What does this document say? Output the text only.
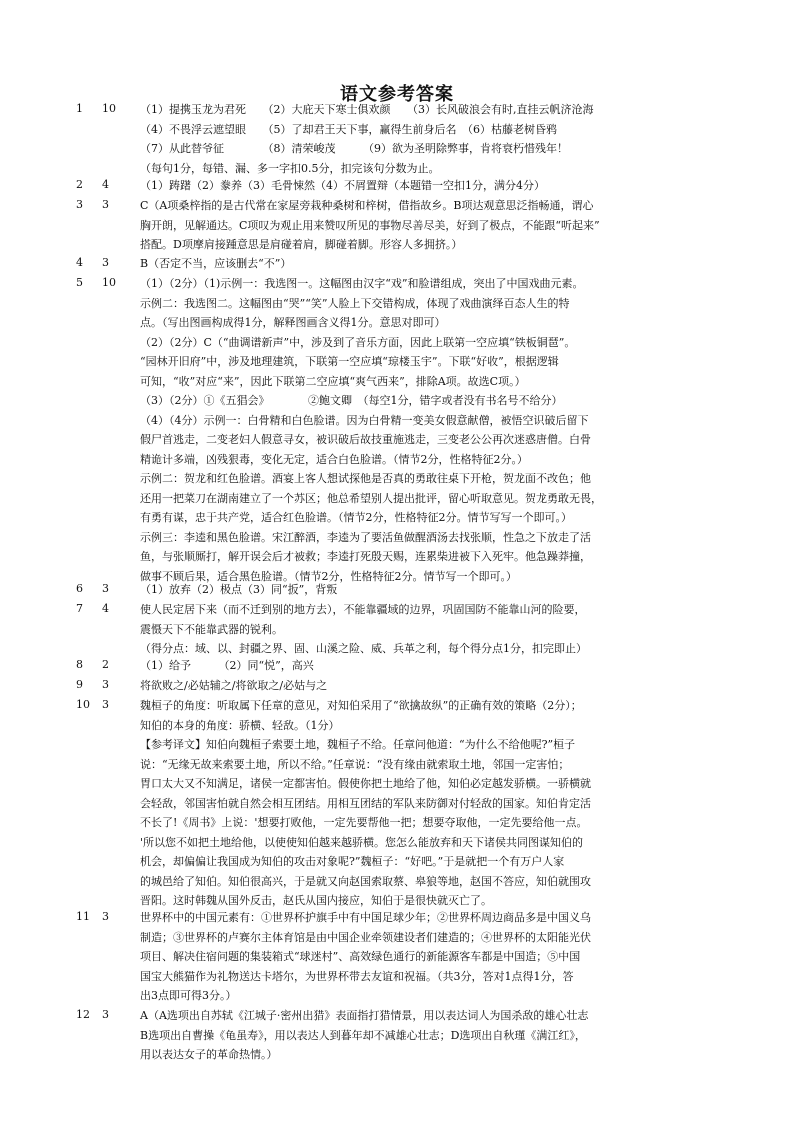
语文参考答案
1	10	（1）提携玉龙为君死　　（2）大庇天下寒士俱欢颜　　（3）长风破浪会有时,直挂云帆济沧海

（4）不畏浮云遮望眼　　（5）了却君王天下事，赢得生前身后名　（6）枯藤老树昏鸦

（7）从此替爷征　　　　（8）清荣峻茂　　　（9）欲为圣明除弊事，肯将衰朽惜残年！

（每句1分，每错、漏、多一字扣0.5分，扣完该句分数为止。

2	4	（1）踌躇（2）豢养（3）毛骨悚然（4）不屑置辩（本题错一空扣1分，满分4分）

3	3	C（A项桑梓指的是古代常在家屋旁栽种桑树和梓树，借指故乡。B项达观意思泛指畅通，谓心

胸开朗，见解通达。C项叹为观止用来赞叹所见的事物尽善尽美，好到了极点，不能跟“听起来”

搭配。D项摩肩接踵意思是肩碰着肩，脚碰着脚。形容人多拥挤。）

4	3	B（否定不当，应该删去“不”）

5	10	（1）（2分）（1)示例一：我选图一。这幅图由汉字“戏”和脸谱组成，突出了中国戏曲元素。

示例二：我选图二。这幅图由“哭”“笑”人脸上下交错构成，体现了戏曲演绎百态人生的特

点。（写出图画构成得1分，解释图画含义得1分。意思对即可）

（2）（2分）C（“曲调谱新声”中，涉及到了音乐方面，因此上联第一空应填“铁板铜琶”。

“园林开旧府”中，涉及地理建筑，下联第一空应填“琼楼玉宇”。下联“好收”，根据逻辑

可知，“收”对应“来”，因此下联第二空应填“爽气西来”，排除A项。故选C项。）

（3）（2分）①《五猖会》　　　　②鲍文卿　（每空1分，错字或者没有书名号不给分）

（4）（4分）示例一：白骨精和白色脸谱。因为白骨精一变美女假意献僧，被悟空识破后留下

假尸首逃走，二变老妇人假意寻女，被识破后故技重施逃走，三变老公公再次迷惑唐僧。白骨

精诡计多端，凶残狠毒，变化无定，适合白色脸谱。（情节2分，性格特征2分。）

示例二：贺龙和红色脸谱。酒宴上客人想试探他是否真的勇敢往桌下开枪，贺龙面不改色；他

还用一把菜刀在湖南建立了一个苏区；他总希望别人提出批评，留心听取意见。贺龙勇敢无畏，

有勇有谋，忠于共产党，适合红色脸谱。（情节2分，性格特征2分。情节写写一个即可。）

示例三：李逵和黑色脸谱。宋江醉酒，李逵为了要活鱼做醒酒汤去找张顺，性急之下放走了活

鱼，与张顺厮打，解开误会后才被救；李逵打死殷天赐，连累柴进被下入死牢。他急躁莽撞，

做事不顾后果，适合黑色脸谱。（情节2分，性格特征2分。情节写一个即可。）

6	3	（1）放弃（2）极点（3）同“扳”，背叛

7	4	使人民定居下来（而不迁到别的地方去），不能靠疆域的边界，巩固国防不能靠山河的险要，

震慑天下不能靠武器的锐利。

（得分点：域、以、封疆之界、固、山溪之险、威、兵革之利，每个得分点1分，扣完即止）

8	2	（1）给予　　　（2）同“悦”，高兴

9	3	将欲败之/必姑辅之/将欲取之/必姑与之

10	3	魏桓子的角度：听取属下任章的意见，对知伯采用了“欲擒故纵”的正确有效的策略（2分）；

知伯的本身的角度：骄横、轻敌。（1分）

【参考译文】知伯向魏桓子索要土地，魏桓子不给。任章问他道：“为什么不给他呢?”桓子

说：“无缘无故来索要土地，所以不给。”任章说：“没有缘由就索取土地，邻国一定害怕；

胃口太大又不知满足，诸侯一定都害怕。假使你把土地给了他，知伯必定越发骄横。一骄横就

会轻敌，邻国害怕就自然会相互团结。用相互团结的军队来防御对付轻敌的国家。知伯肯定活

不长了!《周书》上说：'想要打败他，一定先要帮他一把；想要夺取他，一定先要给他一点。

'所以您不如把土地给他，以使使知伯越来越骄横。您怎么能放弃和天下诸侯共同图谋知伯的

机会，却偏偏让我国成为知伯的攻击对象呢?”魏桓子：“好吧。”于是就把一个有万户人家

的城邑给了知伯。知伯很高兴，于是就又向赵国索取蔡、皋狼等地，赵国不答应，知伯就围攻

晋阳。这时韩魏从国外反击，赵氏从国内接应，知伯于是很快就灭亡了。

11	3	世界杯中的中国元素有：①世界杯护旗手中有中国足球少年；②世界杯周边商品多是中国义乌

制造；③世界杯的卢赛尔主体育馆是由中国企业牵领建设者们建造的；④世界杯的太阳能光伏

项目、解决住宿问题的集装箱式“球迷村”、高效绿色通行的新能源客车都是中国造；⑤中国

国宝大熊猫作为礼物送达卡塔尔，为世界杯带去友谊和祝福。（共3分，答对1点得1分，答

出3点即可得3分。）

12	3	A（A选项出自苏轼《江城子·密州出猎》表面指打猎情景，用以表达词人为国杀敌的雄心壮志

B选项出自曹操《龟虽寿》，用以表达人到暮年却不减雄心壮志；D选项出自秋瑾《满江红》，

用以表达女子的革命热情。）
